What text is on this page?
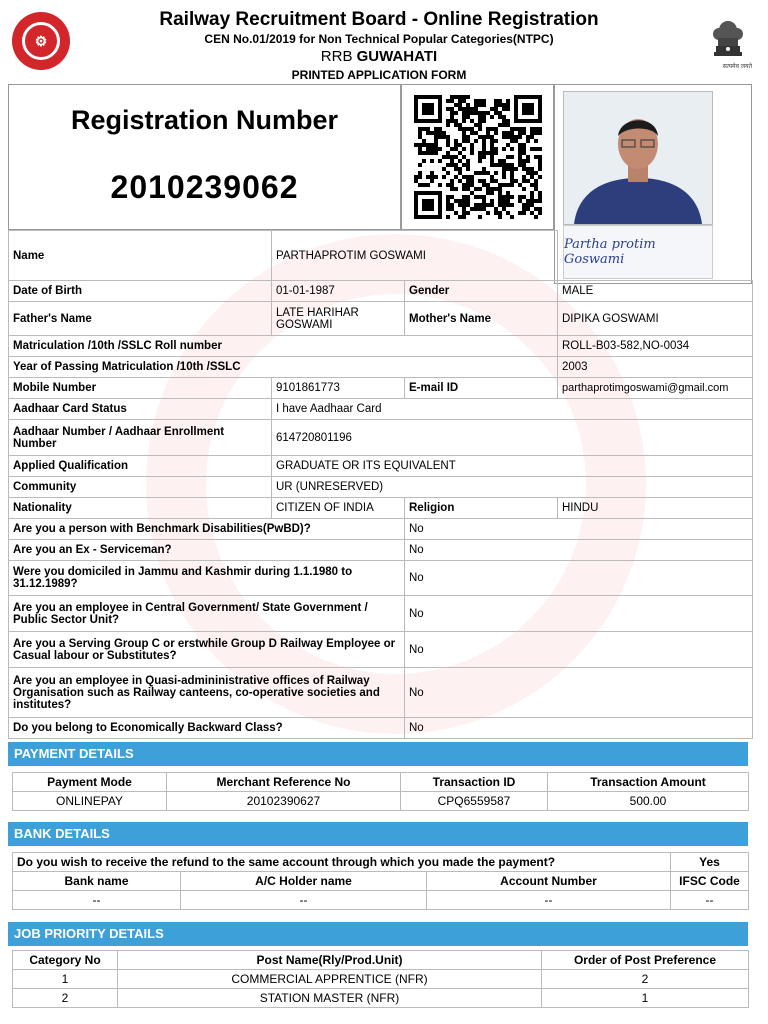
⚙
Railway Recruitment Board - Online Registration
CEN No.01/2019 for Non Technical Popular Categories(NTPC)
RRB GUWAHATI
PRINTED APPLICATION FORM
सत्यमेव जयते
Registration Number
2010239062
Partha protim Goswami
Name	PARTHAPROTIM GOSWAMI		
Date of Birth	01-01-1987	Gender	MALE
Father's Name	LATE HARIHAR GOSWAMI	Mother's Name	DIPIKA GOSWAMI
Matriculation /10th /SSLC Roll number			ROLL-B03-582,NO-0034
Year of Passing Matriculation /10th /SSLC			2003
Mobile Number	9101861773	E-mail ID	parthaprotimgoswami@gmail.com
Aadhaar Card Status	I have Aadhaar Card		
Aadhaar Number / Aadhaar Enrollment Number	614720801196		
Applied Qualification	GRADUATE OR ITS EQUIVALENT		
Community	UR (UNRESERVED)		
Nationality	CITIZEN OF INDIA	Religion	HINDU
Are you a person with Benchmark Disabilities(PwBD)?		No	
Are you an Ex - Serviceman?		No	
Were you domiciled in Jammu and Kashmir during 1.1.1980 to 31.12.1989?		No	
Are you an employee in Central Government/ State Government / Public Sector Unit?		No	
Are you a Serving Group C or erstwhile Group D Railway Employee or Casual labour or Substitutes?		No	
Are you an employee in Quasi-admininistrative offices of Railway Organisation such as Railway canteens, co-operative societies and institutes?		No	
Do you belong to Economically Backward Class?		No	
PAYMENT DETAILS
Payment Mode	Merchant Reference No	Transaction ID	Transaction Amount
ONLINEPAY	20102390627	CPQ6559587	500.00
BANK DETAILS
Do you wish to receive the refund to the same account through which you made the payment?			Yes
Bank name	A/C Holder name	Account Number	IFSC Code
--	--	--	--
JOB PRIORITY DETAILS
Category No	Post Name(Rly/Prod.Unit)	Order of Post Preference
1	COMMERCIAL APPRENTICE (NFR)	2
2	STATION MASTER (NFR)	1
